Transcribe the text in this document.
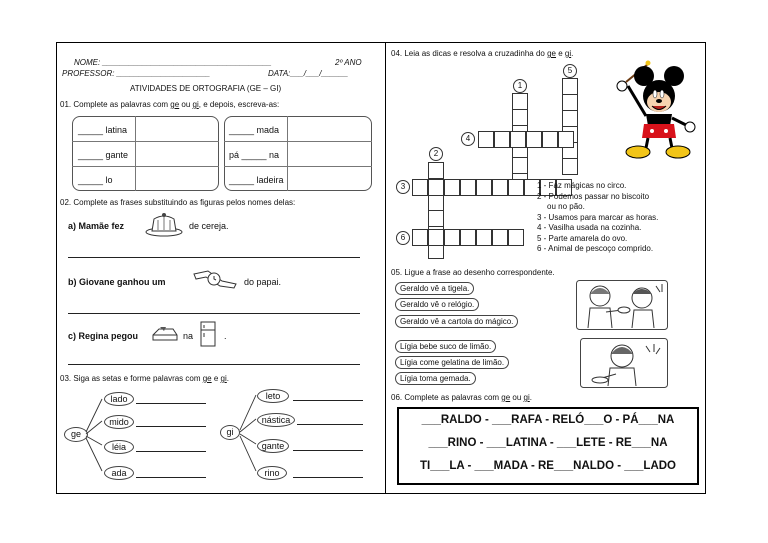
NOME: ______________________________________	2º ANO
PROFESSOR: _____________________	DATA:___/___/______
ATIVIDADES DE ORTOGRAFIA (GE – GI)
01. Complete as palavras com ge ou gi, e depois, escreva-as:
_____ latina
_____ gante
_____ lo
_____ mada
pá _____ na
_____ ladeira
02. Complete as frases substituindo as figuras pelos nomes delas:
a) Mamãe fez	de cereja.
b) Giovane ganhou um	do papai.
c) Regina pegou	na	.
03. Siga as setas e forme palavras com ge e gi.
ge
lado
mido
léia
ada
gi
leto
nástica
gante
rino
04. Leia as dicas e resolva a cruzadinha do ge e gi.
5
1
4
2
3
6
1 - Faz mágicas no circo.
2 - Podemos passar no biscoito
ou no pão.
3 - Usamos para marcar as horas.
4 - Vasilha usada na cozinha.
5 - Parte amarela do ovo.
6 - Animal de pescoço comprido.
05. Ligue a frase ao desenho correspondente.
Geraldo vê a tigela.
Geraldo vê o relógio.
Geraldo vê a cartola do mágico.
Lígia bebe suco de limão.
Lígia come gelatina de limão.
Lígia toma gemada.
06. Complete as palavras com ge ou gi.
___RALDO - ___RAFA - RELÓ___O - PÁ___NA
___RINO - ___LATINA - ___LETE - RE___NA
TI___LA - ___MADA - RE___NALDO - ___LADO
